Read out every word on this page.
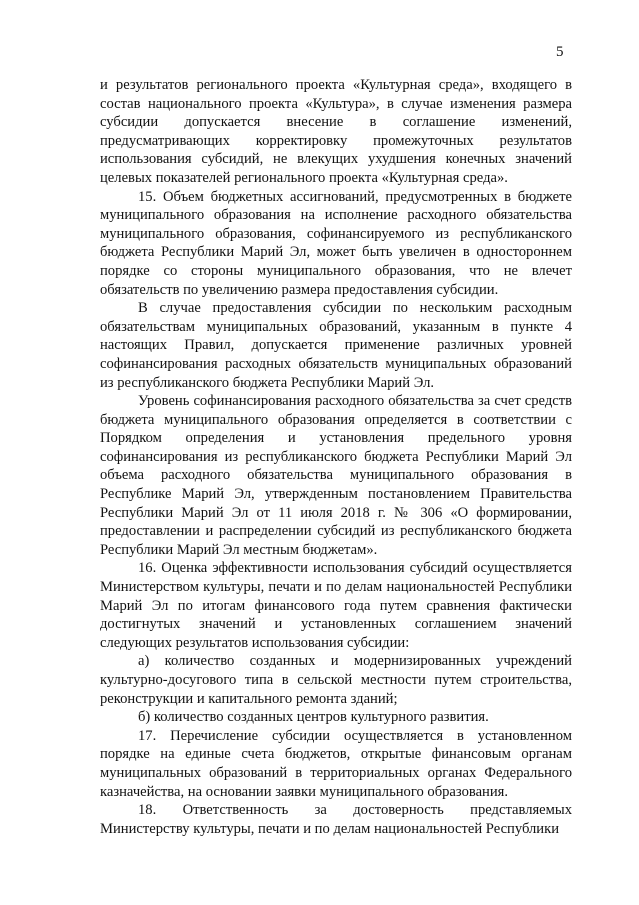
5

и результатов регионального проекта «Культурная среда», входящего в состав национального проекта «Культура», в случае изменения размера субсидии допускается внесение в соглашение изменений, предусматривающих корректировку промежуточных результатов использования субсидий, не влекущих ухудшения конечных значений целевых показателей регионального проекта «Культурная среда».

15. Объем бюджетных ассигнований, предусмотренных в бюджете муниципального образования на исполнение расходного обязательства муниципального образования, софинансируемого из республиканского бюджета Республики Марий Эл, может быть увеличен в одностороннем порядке со стороны муниципального образования, что не влечет обязательств по увеличению размера предоставления субсидии.

В случае предоставления субсидии по нескольким расходным обязательствам муниципальных образований, указанным в пункте 4 настоящих Правил, допускается применение различных уровней софинансирования расходных обязательств муниципальных образований из республиканского бюджета Республики Марий Эл.

Уровень софинансирования расходного обязательства за счет средств бюджета муниципального образования определяется в соответствии с Порядком определения и установления предельного уровня софинансирования из республиканского бюджета Республики Марий Эл объема расходного обязательства муниципального образования в Республике Марий Эл, утвержденным постановлением Правительства Республики Марий Эл от 11 июля 2018 г. № 306 «О формировании, предоставлении и распределении субсидий из республиканского бюджета Республики Марий Эл местным бюджетам».

16. Оценка эффективности использования субсидий осуществляется Министерством культуры, печати и по делам национальностей Республики Марий Эл по итогам финансового года путем сравнения фактически достигнутых значений и установленных соглашением значений следующих результатов использования субсидии:

а) количество созданных и модернизированных учреждений культурно-досугового типа в сельской местности путем строительства, реконструкции и капитального ремонта зданий;

б) количество созданных центров культурного развития.

17. Перечисление субсидии осуществляется в установленном порядке на единые счета бюджетов, открытые финансовым органам муниципальных образований в территориальных органах Федерального казначейства, на основании заявки муниципального образования.

18. Ответственность за достоверность представляемых Министерству культуры, печати и по делам национальностей Республики
